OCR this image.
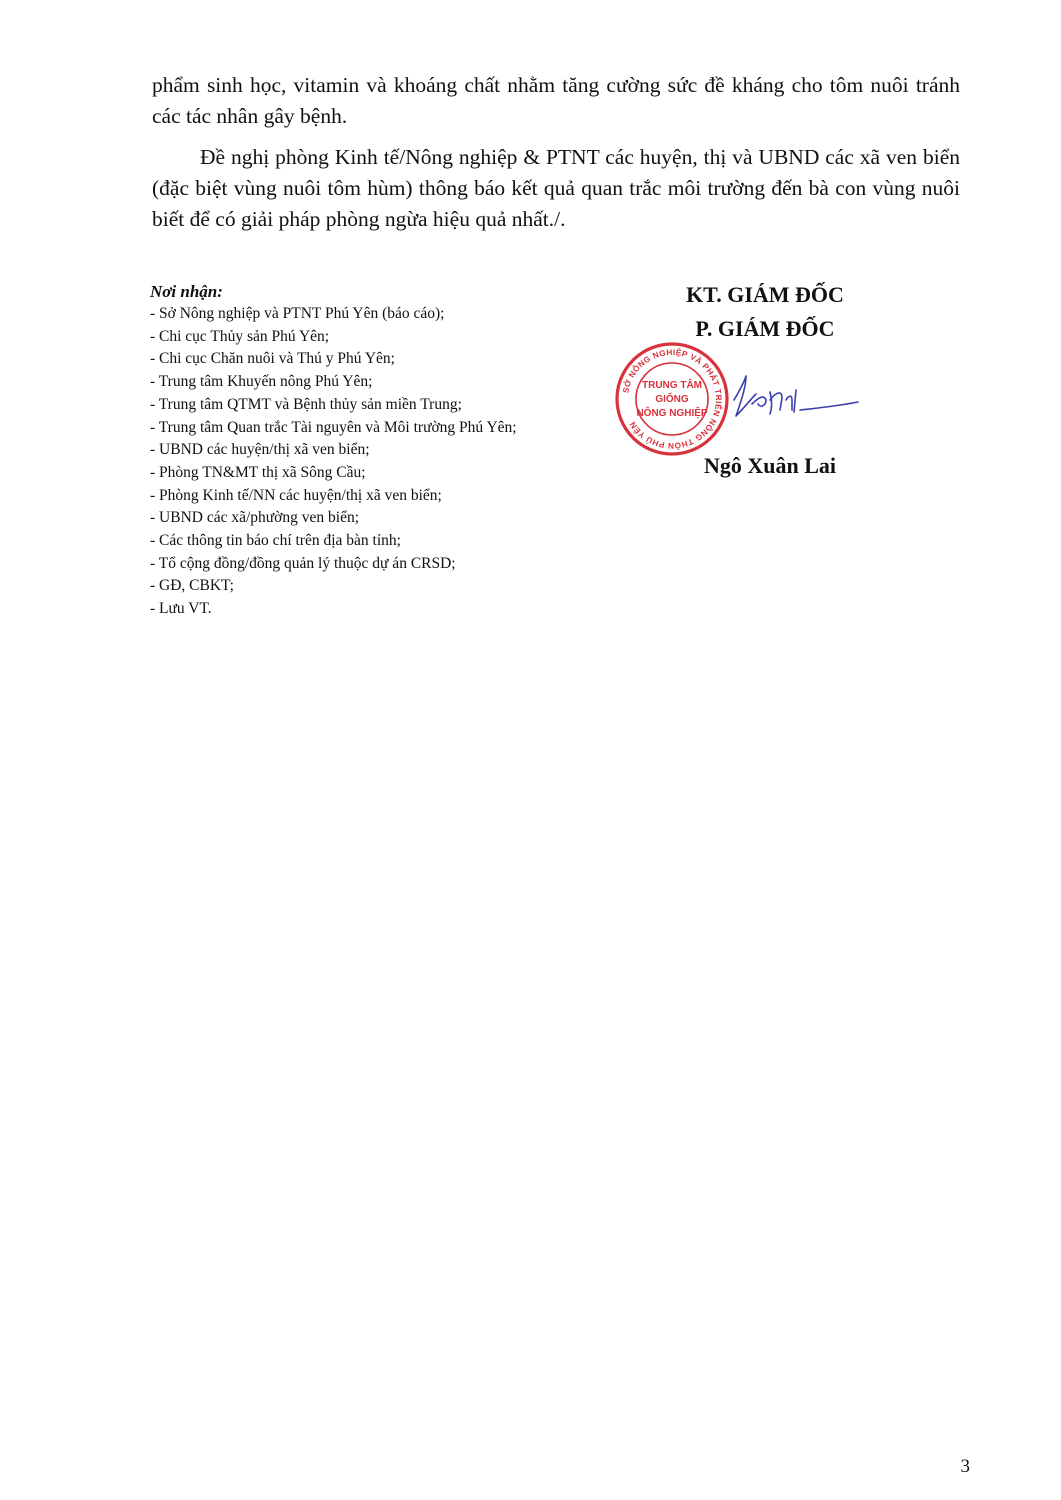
phẩm sinh học, vitamin và khoáng chất nhằm tăng cường sức đề kháng cho tôm nuôi tránh các tác nhân gây bệnh.
Đề nghị phòng Kinh tế/Nông nghiệp & PTNT các huyện, thị và UBND các xã ven biển (đặc biệt vùng nuôi tôm hùm) thông báo kết quả quan trắc môi trường đến bà con vùng nuôi biết để có giải pháp phòng ngừa hiệu quả nhất./.
Nơi nhận:
- Sở Nông nghiệp và PTNT Phú Yên (báo cáo);
- Chi cục Thủy sản Phú Yên;
- Chi cục Chăn nuôi và Thú y Phú Yên;
- Trung tâm Khuyến nông Phú Yên;
- Trung tâm QTMT và Bệnh thủy sản miền Trung;
- Trung tâm Quan trắc Tài nguyên và Môi trường Phú Yên;
- UBND các huyện/thị xã ven biển;
- Phòng TN&MT thị xã Sông Cầu;
- Phòng Kinh tế/NN các huyện/thị xã ven biển;
- UBND các xã/phường ven biển;
- Các thông tin báo chí trên địa bàn tỉnh;
- Tổ cộng đồng/đồng quản lý thuộc dự án CRSD;
- GĐ, CBKT;
- Lưu VT.
KT. GIÁM ĐỐC
P. GIÁM ĐỐC
SỞ NÔNG NGHIỆP VÀ PHÁT TRIỂN NÔNG THÔN PHÚ YÊN
TRUNG TÂM
GIỐNG
NÔNG NGHIỆP
Ngô Xuân Lai
3
